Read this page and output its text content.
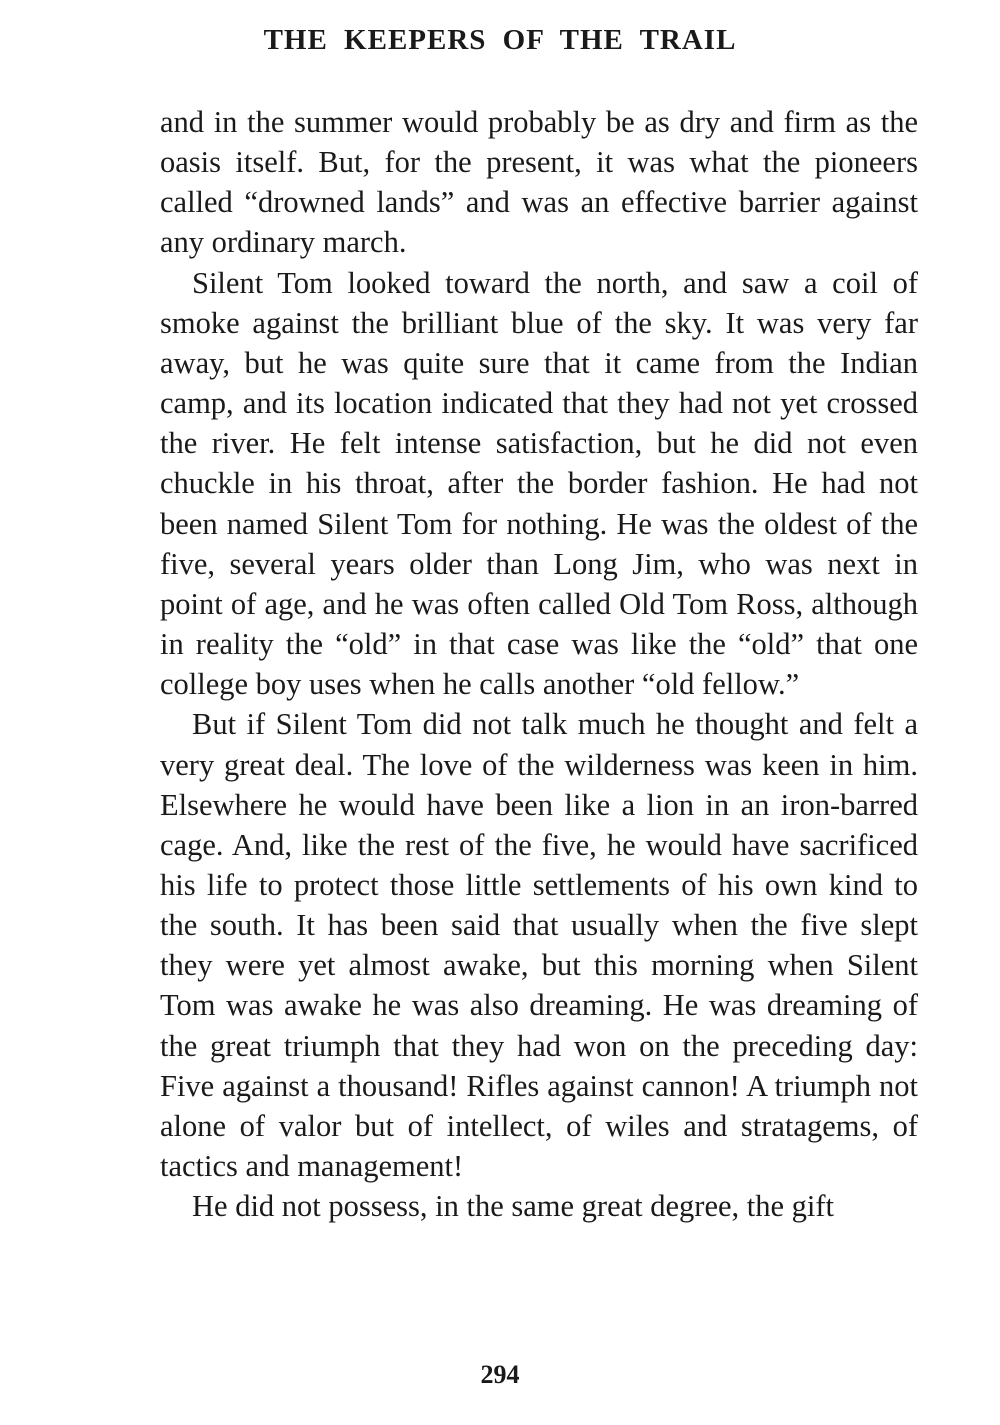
THE KEEPERS OF THE TRAIL

and in the summer would probably be as dry and firm as the oasis itself. But, for the present, it was what the pioneers called “drowned lands” and was an effective barrier against any ordinary march.

Silent Tom looked toward the north, and saw a coil of smoke against the brilliant blue of the sky. It was very far away, but he was quite sure that it came from the Indian camp, and its location indicated that they had not yet crossed the river. He felt intense satisfaction, but he did not even chuckle in his throat, after the border fashion. He had not been named Silent Tom for nothing. He was the oldest of the five, several years older than Long Jim, who was next in point of age, and he was often called Old Tom Ross, although in reality the “old” in that case was like the “old” that one college boy uses when he calls another “old fellow.”

But if Silent Tom did not talk much he thought and felt a very great deal. The love of the wilderness was keen in him. Elsewhere he would have been like a lion in an iron-barred cage. And, like the rest of the five, he would have sacrificed his life to protect those little settlements of his own kind to the south. It has been said that usually when the five slept they were yet almost awake, but this morning when Silent Tom was awake he was also dreaming. He was dreaming of the great triumph that they had won on the preceding day: Five against a thousand! Rifles against cannon! A triumph not alone of valor but of intellect, of wiles and stratagems, of tactics and management!

He did not possess, in the same great degree, the gift

294
